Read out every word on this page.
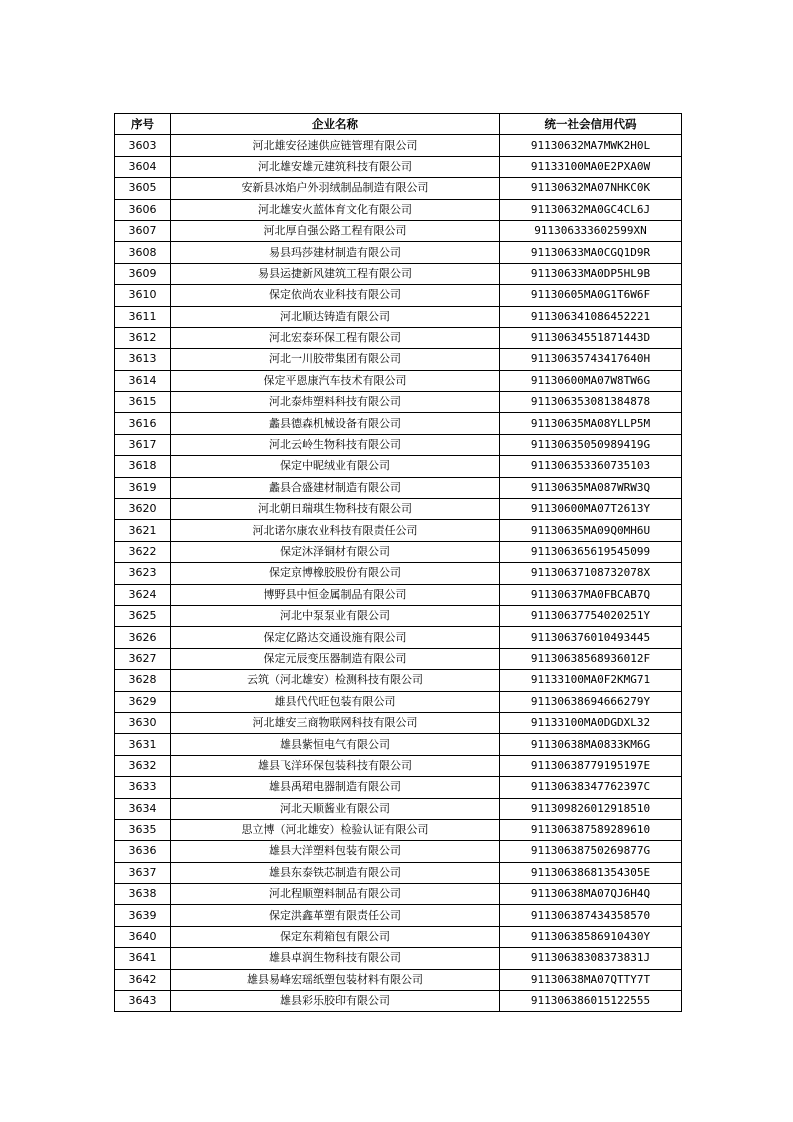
序号	企业名称	统一社会信用代码
3603	河北雄安径速供应链管理有限公司	91130632MA7MWK2H0L
3604	河北雄安雄元建筑科技有限公司	91133100MA0E2PXA0W
3605	安新县冰焰户外羽绒制品制造有限公司	91130632MA07NHKC0K
3606	河北雄安火蓝体育文化有限公司	91130632MA0GC4CL6J
3607	河北厚自强公路工程有限公司	911306333602599XN
3608	易县玛莎建材制造有限公司	91130633MA0CGQ1D9R
3609	易县运捷新风建筑工程有限公司	91130633MA0DP5HL9B
3610	保定依尚农业科技有限公司	91130605MA0G1T6W6F
3611	河北顺达铸造有限公司	911306341086452221
3612	河北宏泰环保工程有限公司	91130634551871443D
3613	河北一川胶带集团有限公司	91130635743417640H
3614	保定平恩康汽车技术有限公司	91130600MA07W8TW6G
3615	河北泰炜塑料科技有限公司	911306353081384878
3616	蠡县德森机械设备有限公司	91130635MA08YLLP5M
3617	河北云岭生物科技有限公司	91130635050989419G
3618	保定中昵绒业有限公司	911306353360735103
3619	蠡县合盛建材制造有限公司	91130635MA087WRW3Q
3620	河北朝日瑞琪生物科技有限公司	91130600MA07T2613Y
3621	河北诺尔康农业科技有限责任公司	91130635MA09Q0MH6U
3622	保定沐泽铜材有限公司	911306365619545099
3623	保定京博橡胶股份有限公司	91130637108732078X
3624	博野县中恒金属制品有限公司	91130637MA0FBCAB7Q
3625	河北中泵泵业有限公司	91130637754020251Y
3626	保定亿路达交通设施有限公司	911306376010493445
3627	保定元辰变压器制造有限公司	91130638568936012F
3628	云筑（河北雄安）检测科技有限公司	91133100MA0F2KMG71
3629	雄县代代旺包装有限公司	91130638694666279Y
3630	河北雄安三商物联网科技有限公司	91133100MA0DGDXL32
3631	雄县紫恒电气有限公司	91130638MA0833KM6G
3632	雄县飞洋环保包装科技有限公司	91130638779195197E
3633	雄县禹珺电器制造有限公司	91130638347762397C
3634	河北天顺酱业有限公司	911309826012918510
3635	思立博（河北雄安）检验认证有限公司	911306387589289610
3636	雄县大洋塑料包装有限公司	91130638750269877G
3637	雄县东泰铁芯制造有限公司	91130638681354305E
3638	河北程顺塑料制品有限公司	91130638MA07QJ6H4Q
3639	保定洪鑫革塑有限责任公司	911306387434358570
3640	保定东莉箱包有限公司	91130638586910430Y
3641	雄县卓润生物科技有限公司	91130638308373831J
3642	雄县易峰宏瑶纸塑包装材料有限公司	91130638MA07QTTY7T
3643	雄县彩乐胶印有限公司	911306386015122555
